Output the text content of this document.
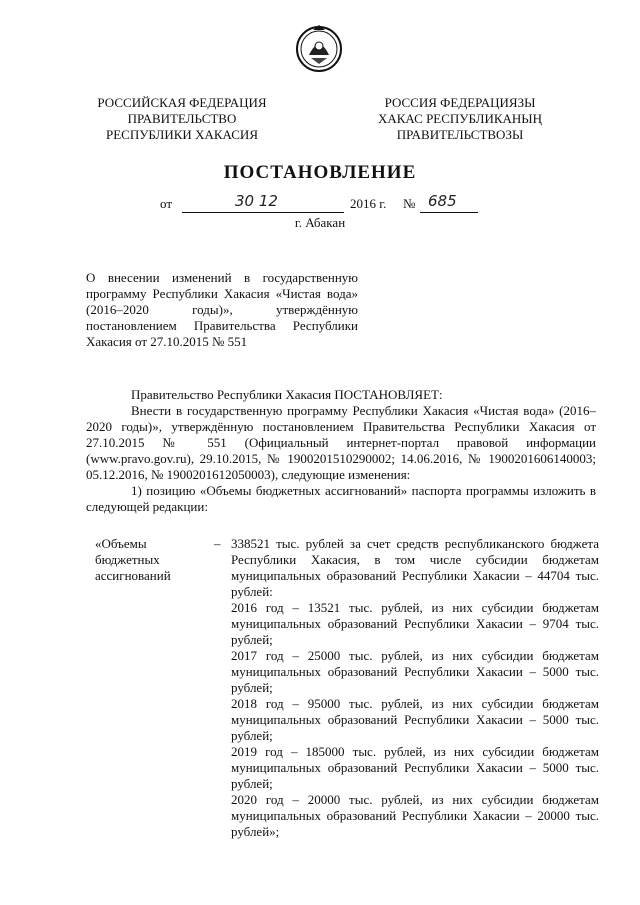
РОССИЙСКАЯ ФЕДЕРАЦИЯ
ПРАВИТЕЛЬСТВО
РЕСПУБЛИКИ ХАКАСИЯ
РОССИЯ ФЕДЕРАЦИЯЗЫ
ХАКАС РЕСПУБЛИКАНЫҢ
ПРАВИТЕЛЬСТВОЗЫ
ПОСТАНОВЛЕНИЕ
от	30 12	2016 г. № 685
г. Абакан
О внесении изменений в государственную программу Республики Хакасия «Чистая вода» (2016–2020 годы)», утверждённую постановлением Правительства Республики Хакасия от 27.10.2015 № 551

Правительство Республики Хакасия ПОСТАНОВЛЯЕТ:

Внести в государственную программу Республики Хакасия «Чистая вода» (2016–2020 годы)», утверждённую постановлением Правительства Республики Хакасия от 27.10.2015 № 551 (Официальный интернет-портал правовой информации (www.pravo.gov.ru), 29.10.2015, № 1900201510290002; 14.06.2016, № 1900201606140003; 05.12.2016, № 1900201612050003), следующие изменения:

1) позицию «Объемы бюджетных ассигнований» паспорта программы изложить в следующей редакции:

«Объемы
бюджетных
ассигнований
– 338521 тыс. рублей за счет средств республиканского бюджета Республики Хакасия, в том числе субсидии бюджетам муниципальных образований Республики Хакасии – 44704 тыс. рублей:

2016 год – 13521 тыс. рублей, из них субсидии бюджетам муниципальных образований Республики Хакасии – 9704 тыс. рублей;

2017 год – 25000 тыс. рублей, из них субсидии бюджетам муниципальных образований Республики Хакасии – 5000 тыс. рублей;

2018 год – 95000 тыс. рублей, из них субсидии бюджетам муниципальных образований Республики Хакасии – 5000 тыс. рублей;

2019 год – 185000 тыс. рублей, из них субсидии бюджетам муниципальных образований Республики Хакасии – 5000 тыс. рублей;

2020 год – 20000 тыс. рублей, из них субсидии бюджетам муниципальных образований Республики Хакасии – 20000 тыс. рублей»;
